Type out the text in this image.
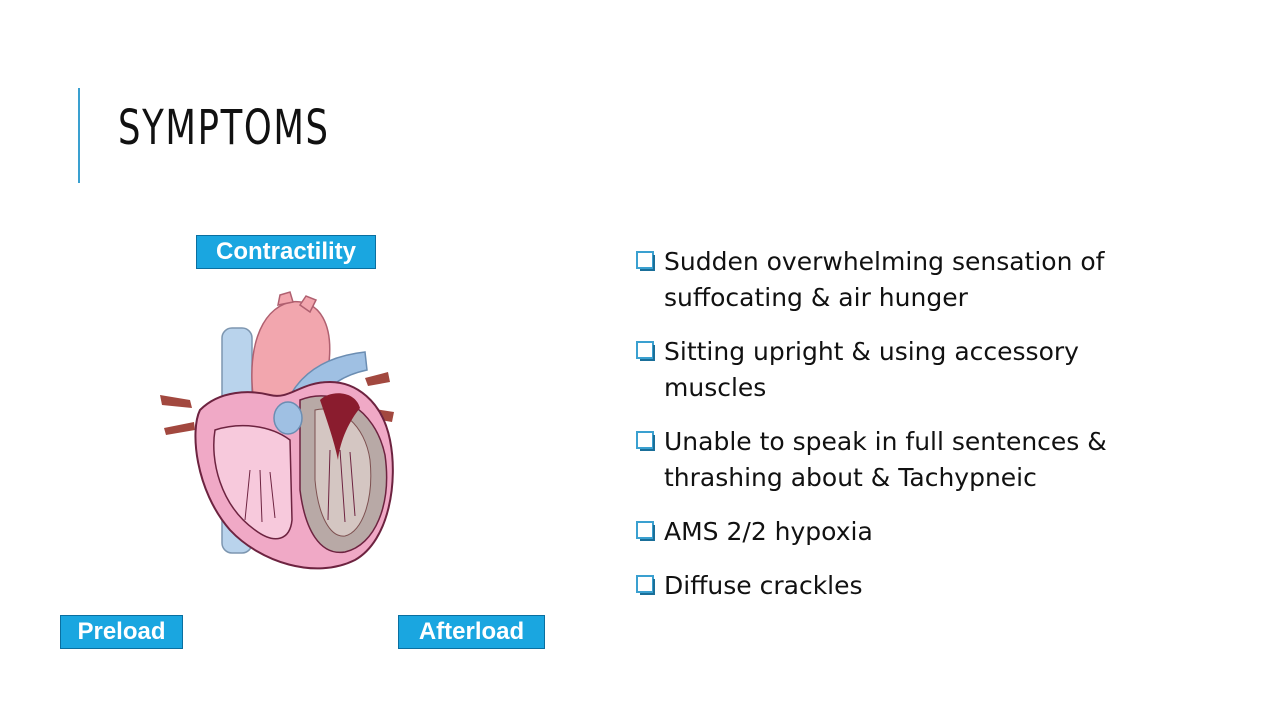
SYMPTOMS
Contractility
Preload	Afterload
Sudden overwhelming sensation of suffocating & air hunger
Sitting upright & using accessory muscles
Unable to speak in full sentences & thrashing about & Tachypneic
AMS 2/2 hypoxia
Diffuse crackles
